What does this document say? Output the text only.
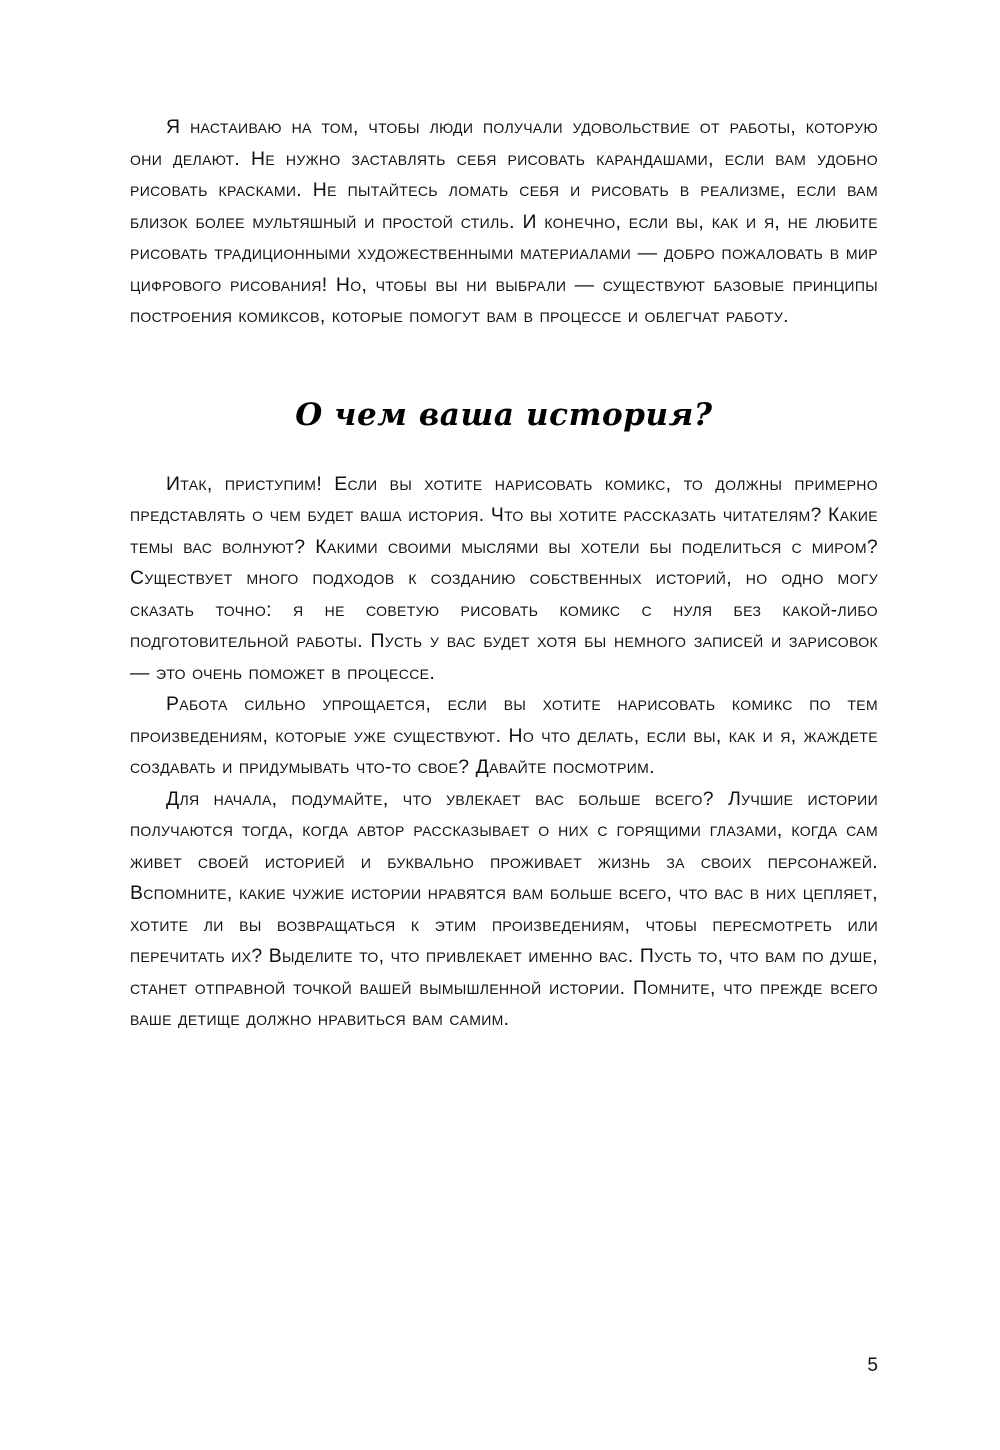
Я настаиваю на том, чтобы люди получали удовольствие от работы, которую они делают. Не нужно заставлять себя рисовать карандашами, если вам удобно рисовать красками. Не пытайтесь ломать себя и рисовать в реализме, если вам близок более мультяшный и простой стиль. И конечно, если вы, как и я, не любите рисовать традиционными художественными материалами — добро пожаловать в мир цифрового рисования! Но, чтобы вы ни выбрали — существуют базовые принципы построения комиксов, которые помогут вам в процессе и облегчат работу.

О чем ваша история?

Итак, приступим! Если вы хотите нарисовать комикс, то должны примерно представлять о чем будет ваша история. Что вы хотите рассказать читателям? Какие темы вас волнуют? Какими своими мыслями вы хотели бы поделиться с миром? Существует много подходов к созданию собственных историй, но одно могу сказать точно: я не советую рисовать комикс с нуля без какой-либо подготовительной работы. Пусть у вас будет хотя бы немного записей и зарисовок — это очень поможет в процессе.

Работа сильно упрощается, если вы хотите нарисовать комикс по тем произведениям, которые уже существуют. Но что делать, если вы, как и я, жаждете создавать и придумывать что-то свое? Давайте посмотрим.

Для начала, подумайте, что увлекает вас больше всего? Лучшие истории получаются тогда, когда автор рассказывает о них с горящими глазами, когда сам живет своей историей и буквально проживает жизнь за своих персонажей. Вспомните, какие чужие истории нравятся вам больше всего, что вас в них цепляет, хотите ли вы возвращаться к этим произведениям, чтобы пересмотреть или перечитать их? Выделите то, что привлекает именно вас. Пусть то, что вам по душе, станет отправной точкой вашей вымышленной истории. Помните, что прежде всего ваше детище должно нравиться вам самим.

5
